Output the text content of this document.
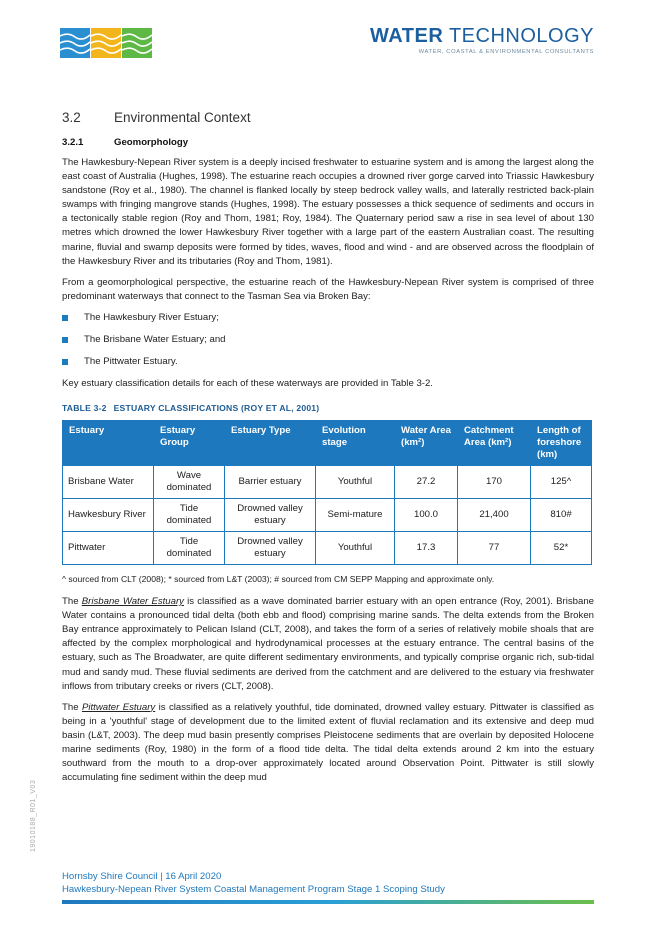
WATER TECHNOLOGY
WATER, COASTAL & ENVIRONMENTAL CONSULTANTS
3.2 Environmental Context
3.2.1	Geomorphology

The Hawkesbury-Nepean River system is a deeply incised freshwater to estuarine system and is among the largest along the east coast of Australia (Hughes, 1998). The estuarine reach occupies a drowned river gorge carved into Triassic Hawkesbury sandstone (Roy et al., 1980). The channel is flanked locally by steep bedrock valley walls, and laterally restricted back-plain swamps with fringing mangrove stands (Hughes, 1998). The estuary possesses a thick sequence of sediments and occurs in a tectonically stable region (Roy and Thom, 1981; Roy, 1984). The Quaternary period saw a rise in sea level of about 130 metres which drowned the lower Hawkesbury River together with a large part of the eastern Australian coast. The resulting marine, fluvial and swamp deposits were formed by tides, waves, flood and wind - and are observed across the floodplain of the Hawkesbury River and its tributaries (Roy and Thom, 1981).

From a geomorphological perspective, the estuarine reach of the Hawkesbury-Nepean River system is comprised of three predominant waterways that connect to the Tasman Sea via Broken Bay:

The Hawkesbury River Estuary;
The Brisbane Water Estuary; and
The Pittwater Estuary.

Key estuary classification details for each of these waterways are provided in Table 3-2.

TABLE 3-2 ESTUARY CLASSIFICATIONS (ROY ET AL, 2001)
Estuary	Estuary Group	Estuary Type	Evolution stage	Water Area (km²)	Catchment Area (km²)	Length of foreshore (km)
Brisbane Water	Wave dominated	Barrier estuary	Youthful	27.2	170	125^
Hawkesbury River	Tide dominated	Drowned valley estuary	Semi-mature	100.0	21,400	810#
Pittwater	Tide dominated	Drowned valley estuary	Youthful	17.3	77	52*
^ sourced from CLT (2008); * sourced from L&T (2003); # sourced from CM SEPP Mapping and approximate only.

The Brisbane Water Estuary is classified as a wave dominated barrier estuary with an open entrance (Roy, 2001). Brisbane Water contains a pronounced tidal delta (both ebb and flood) comprising marine sands. The delta extends from the Broken Bay entrance approximately to Pelican Island (CLT, 2008), and takes the form of a series of relatively mobile shoals that are affected by the complex morphological and hydrodynamical processes at the estuary entrance. The central basins of the estuary, such as The Broadwater, are quite different sedimentary environments, and typically comprise organic rich, sub-tidal mud and sandy mud. These fluvial sediments are derived from the catchment and are delivered to the estuary via freshwater inflows from tributary creeks or rivers (CLT, 2008).

The Pittwater Estuary is classified as a relatively youthful, tide dominated, drowned valley estuary. Pittwater is classified as being in a 'youthful' stage of development due to the limited extent of fluvial reclamation and its extensive and deep mud basin (L&T, 2003). The deep mud basin presently comprises Pleistocene sediments that are overlain by deposited Holocene marine sediments (Roy, 1980) in the form of a flood tide delta. The tidal delta extends around 2 km into the estuary southward from the mouth to a drop-over approximately located around Observation Point. Pittwater is still slowly accumulating fine sediment within the deep mud

19010188_R01_V03
Hornsby Shire Council | 16 April 2020
Hawkesbury-Nepean River System Coastal Management Program Stage 1 Scoping Study
